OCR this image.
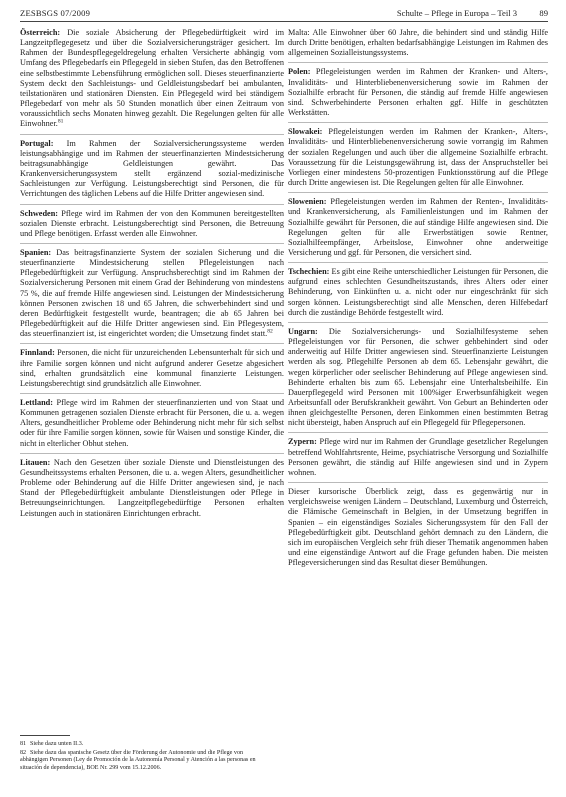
ZESBSGS 07/2009	Schulte – Pflege in Europa – Teil 3	89

Österreich: Die soziale Absicherung der Pflegebedürftigkeit wird im Langzeitpflegegesetz und über die Sozialversicherungsträger gesichert. Im Rahmen der Bundespflegegeldregelung erhalten Versicherte abhängig vom Umfang des Pflegebedarfs ein Pflegegeld in sieben Stufen, das den Betroffenen eine selbstbestimmte Lebensführung ermöglichen soll. Dieses steuerfinanzierte System deckt den Sachleistungs- und Geldleistungsbedarf bei ambulanten, teilstationären und stationären Diensten. Ein Pflegegeld wird bei ständigem Pflegebedarf von mehr als 50 Stunden monatlich über einen Zeitraum von voraussichtlich sechs Monaten hinweg gezahlt. Die Regelungen gelten für alle Einwohner.$^{81}$

Portugal: Im Rahmen der Sozialversicherungssysteme werden leistungsabhängige und im Rahmen der steuerfinanzierten Mindestsicherung beitragsunabhängige Geldleistungen gewährt. Das Krankenversicherungssystem stellt ergänzend sozial-medizinische Sachleistungen zur Verfügung. Leistungsberechtigt sind Personen, die für Verrichtungen des täglichen Lebens auf die Hilfe Dritter angewiesen sind.

Schweden: Pflege wird im Rahmen der von den Kommunen bereitgestellten sozialen Dienste erbracht. Leistungsberechtigt sind Personen, die Betreuung und Pflege benötigen. Erfasst werden alle Einwohner.

Spanien: Das beitragsfinanzierte System der sozialen Sicherung und die steuerfinanzierte Mindestsicherung stellen Pflegeleistungen nach Pflegebedürftigkeit zur Verfügung. Anspruchsberechtigt sind im Rahmen der Sozialversicherung Personen mit einem Grad der Behinderung von mindestens 75 %, die auf fremde Hilfe angewiesen sind. Leistungen der Mindestsicherung können Personen zwischen 18 und 65 Jahren, die schwerbehindert sind und deren Bedürftigkeit festgestellt wurde, beantragen; die ab 65 Jahren bei Pflegebedürftigkeit auf die Hilfe Dritter angewiesen sind. Ein Pflegesystem, das steuerfinanziert ist, ist eingerichtet worden; die Umsetzung findet statt.$^{82}$

Finnland: Personen, die nicht für unzureichenden Lebensunterhalt für sich und ihre Familie sorgen können und nicht aufgrund anderer Gesetze abgesichert sind, erhalten grundsätzlich eine kommunal finanzierte Leistungen. Leistungsberechtigt sind grundsätzlich alle Einwohner.

Lettland: Pflege wird im Rahmen der steuerfinanzierten und von Staat und Kommunen getragenen sozialen Dienste erbracht für Personen, die u. a. wegen Alters, gesundheitlicher Probleme oder Behinderung nicht mehr für sich selbst oder für ihre Familie sorgen können, sowie für Waisen und sonstige Kinder, die nicht in elterlicher Obhut stehen.

Litauen: Nach den Gesetzen über soziale Dienste und Dienstleistungen des Gesundheitssystems erhalten Personen, die u. a. wegen Alters, gesundheitlicher Probleme oder Behinderung auf die Hilfe Dritter angewiesen sind, je nach Stand der Pflegebedürftigkeit ambulante Dienstleistungen oder Pflege in Betreuungseinrichtungen. Langzeitpflegebedürftige Personen erhalten Leistungen auch in stationären Einrichtungen erbracht.

Malta: Alle Einwohner über 60 Jahre, die behindert sind und ständig Hilfe durch Dritte benötigen, erhalten bedarfsabhängige Leistungen im Rahmen des allgemeinen Sozialleistungssystems.

Polen: Pflegeleistungen werden im Rahmen der Kranken- und Alters-, Invaliditäts- und Hinterbliebenenversicherung sowie im Rahmen der Sozialhilfe erbracht für Personen, die ständig auf fremde Hilfe angewiesen sind. Schwerbehinderte Personen erhalten ggf. Hilfe in geschützten Werkstätten.

Slowakei: Pflegeleistungen werden im Rahmen der Kranken-, Alters-, Invaliditäts- und Hinterbliebenenversicherung sowie vorrangig im Rahmen der sozialen Regelungen und auch über die allgemeine Sozialhilfe erbracht. Voraussetzung für die Leistungsgewährung ist, dass der Anspruchsteller bei Vorliegen einer mindestens 50-prozentigen Funktionsstörung auf die Pflege durch Dritte angewiesen ist. Die Regelungen gelten für alle Einwohner.

Slowenien: Pflegeleistungen werden im Rahmen der Renten-, Invaliditäts- und Krankenversicherung, als Familienleistungen und im Rahmen der Sozialhilfe gewährt für Personen, die auf ständige Hilfe angewiesen sind. Die Regelungen gelten für alle Erwerbstätigen sowie Rentner, Sozialhilfeempfänger, Arbeitslose, Einwohner ohne anderweitige Versicherung und ggf. für Personen, die versichert sind.

Tschechien: Es gibt eine Reihe unterschiedlicher Leistungen für Personen, die aufgrund eines schlechten Gesundheitszustands, ihres Alters oder einer Behinderung, von Einkünften u. a. nicht oder nur eingeschränkt für sich sorgen können. Leistungsberechtigt sind alle Menschen, deren Hilfebedarf durch die zuständige Behörde festgestellt wird.

Ungarn: Die Sozialversicherungs- und Sozialhilfesysteme sehen Pflegeleistungen vor für Personen, die schwer gehbehindert sind oder anderweitig auf Hilfe Dritter angewiesen sind. Steuerfinanzierte Leistungen werden als sog. Pflegehilfe Personen ab dem 65. Lebensjahr gewährt, die wegen körperlicher oder seelischer Behinderung auf Pflege angewiesen sind. Behinderte erhalten bis zum 65. Lebensjahr eine Unterhaltsbeihilfe. Ein Dauerpflegegeld wird Personen mit 100%iger Erwerbsunfähigkeit wegen Arbeitsunfall oder Berufskrankheit gewährt. Von Geburt an Behinderten oder ihnen gleichgestellte Personen, deren Einkommen einen bestimmten Betrag nicht übersteigt, haben Anspruch auf ein Pflegegeld für Pflegepersonen.

Zypern: Pflege wird nur im Rahmen der Grundlage gesetzlicher Regelungen betreffend Wohlfahrtsrente, Heime, psychiatrische Versorgung und Sozialhilfe Personen gewährt, die ständig auf Hilfe angewiesen sind und in Zypern wohnen.

Dieser kursorische Überblick zeigt, dass es gegenwärtig nur in vergleichsweise wenigen Ländern – Deutschland, Luxemburg und Österreich, die Flämische Gemeinschaft in Belgien, in der Umsetzung begriffen in Spanien – ein eigenständiges Soziales Sicherungssystem für den Fall der Pflegebedürftigkeit gibt. Deutschland gehört demnach zu den Ländern, die sich im europäischen Vergleich sehr früh dieser Thematik angenommen haben und eine eigenständige Antwort auf die Frage gefunden haben. Die meisten Pflegeversicherungen sind das Resultat dieser Bemühungen.

81 Siehe dazu unten II.3.

82 Siehe dazu das spanische Gesetz über die Förderung der Autonomie und die Pflege von abhängigen Personen (Ley de Promoción de la Autonomía Personal y Atención a las personas en situación de dependencia), BOE Nr. 299 vom 15.12.2006.
